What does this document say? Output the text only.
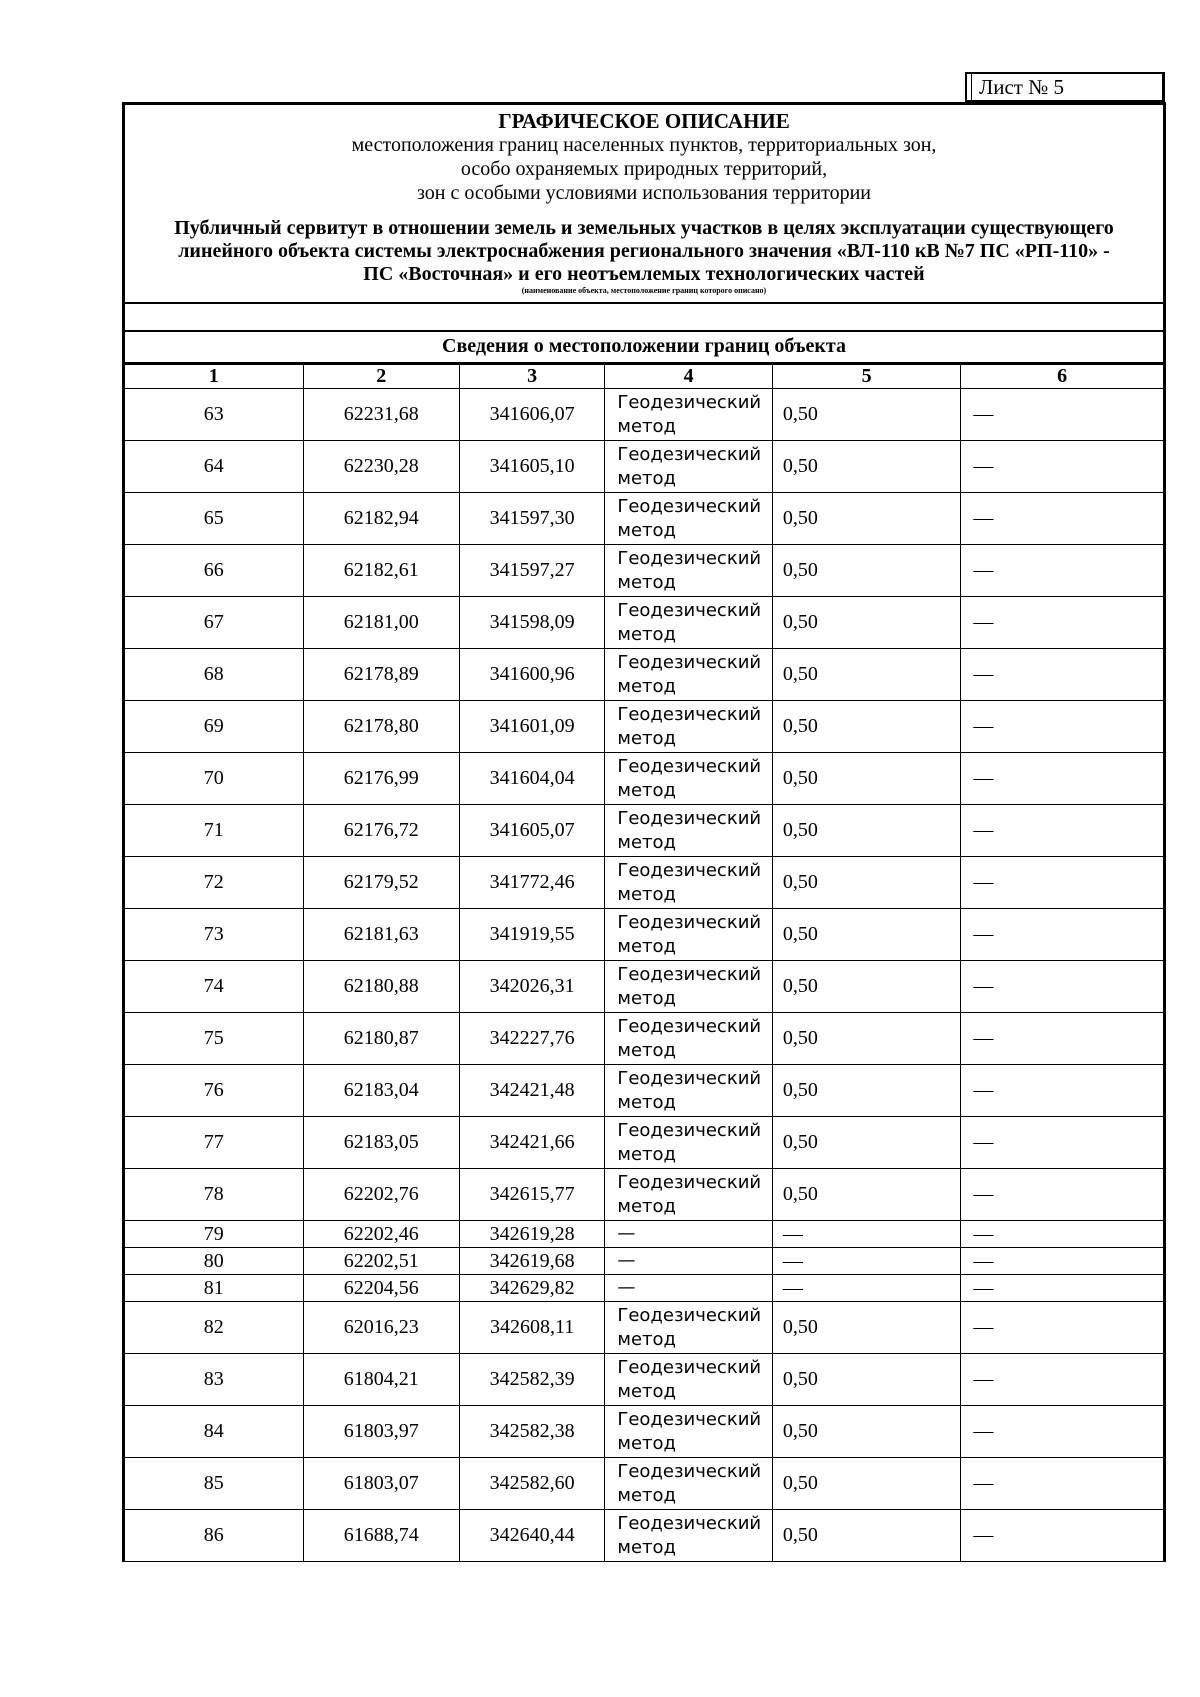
Лист № 5
ГРАФИЧЕСКОЕ ОПИСАНИЕ
местоположения границ населенных пунктов, территориальных зон,
особо охраняемых природных территорий,
зон с особыми условиями использования территории
Публичный сервитут в отношении земель и земельных участков в целях эксплуатации существующего линейного объекта системы электроснабжения регионального значения «ВЛ-110 кВ №7 ПС «РП-110» - ПС «Восточная» и его неотъемлемых технологических частей
(наименование объекта, местоположение границ которого описано)
Сведения о местоположении границ объекта
1	2	3	4	5	6
63	62231,68	341606,07	Геодезический метод	0,50	—
64	62230,28	341605,10	Геодезический метод	0,50	—
65	62182,94	341597,30	Геодезический метод	0,50	—
66	62182,61	341597,27	Геодезический метод	0,50	—
67	62181,00	341598,09	Геодезический метод	0,50	—
68	62178,89	341600,96	Геодезический метод	0,50	—
69	62178,80	341601,09	Геодезический метод	0,50	—
70	62176,99	341604,04	Геодезический метод	0,50	—
71	62176,72	341605,07	Геодезический метод	0,50	—
72	62179,52	341772,46	Геодезический метод	0,50	—
73	62181,63	341919,55	Геодезический метод	0,50	—
74	62180,88	342026,31	Геодезический метод	0,50	—
75	62180,87	342227,76	Геодезический метод	0,50	—
76	62183,04	342421,48	Геодезический метод	0,50	—
77	62183,05	342421,66	Геодезический метод	0,50	—
78	62202,76	342615,77	Геодезический метод	0,50	—
79	62202,46	342619,28	—	—	—
80	62202,51	342619,68	—	—	—
81	62204,56	342629,82	—	—	—
82	62016,23	342608,11	Геодезический метод	0,50	—
83	61804,21	342582,39	Геодезический метод	0,50	—
84	61803,97	342582,38	Геодезический метод	0,50	—
85	61803,07	342582,60	Геодезический метод	0,50	—
86	61688,74	342640,44	Геодезический метод	0,50	—
